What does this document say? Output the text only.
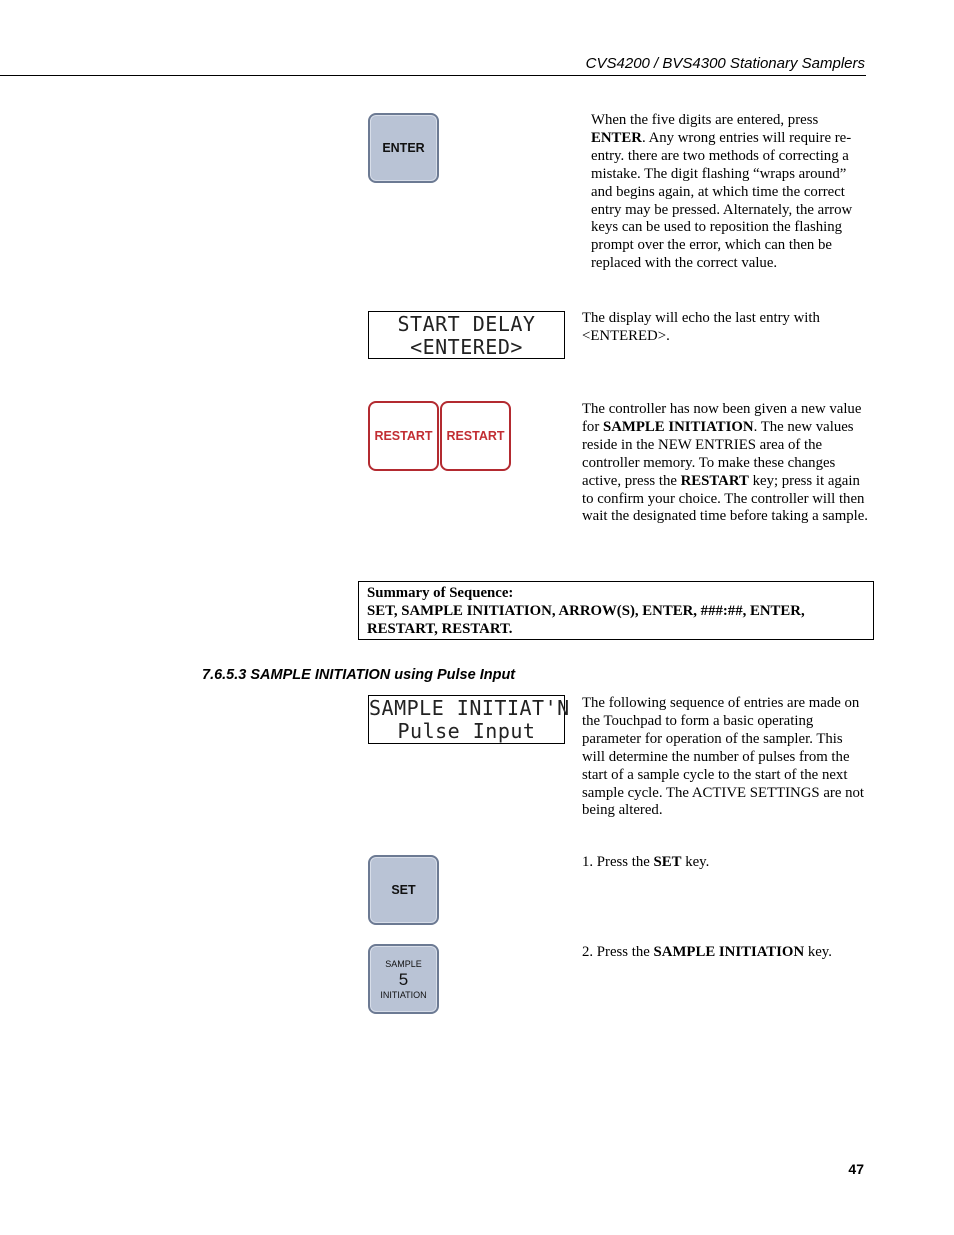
CVS4200 / BVS4300 Stationary Samplers
ENTER
When the five digits are entered, press ENTER. Any wrong entries will require re-entry. there are two methods of correcting a mistake. The digit flashing “wraps around” and begins again, at which time the correct entry may be pressed. Alternately, the arrow keys can be used to reposition the flashing prompt over the error, which can then be replaced with the correct value.
START DELAY
<ENTERED>
The display will echo the last entry with <ENTERED>.
RESTART RESTART
The controller has now been given a new value for SAMPLE INITIATION. The new values reside in the NEW ENTRIES area of the controller memory. To make these changes active, press the RESTART key; press it again to confirm your choice. The controller will then wait the designated time before taking a sample.
Summary of Sequence:
SET, SAMPLE INITIATION, ARROW(S), ENTER, ###:##, ENTER,
RESTART, RESTART.
7.6.5.3 SAMPLE INITIATION using Pulse Input
SAMPLE INITIAT'N
Pulse Input
The following sequence of entries are made on the Touchpad to form a basic operating parameter for operation of the sampler. This will determine the number of pulses from the start of a sample cycle to the start of the next sample cycle. The ACTIVE SETTINGS are not being altered.
SET
1. Press the SET key.
SAMPLE
5
INITIATION
2. Press the SAMPLE INITIATION key.
47
